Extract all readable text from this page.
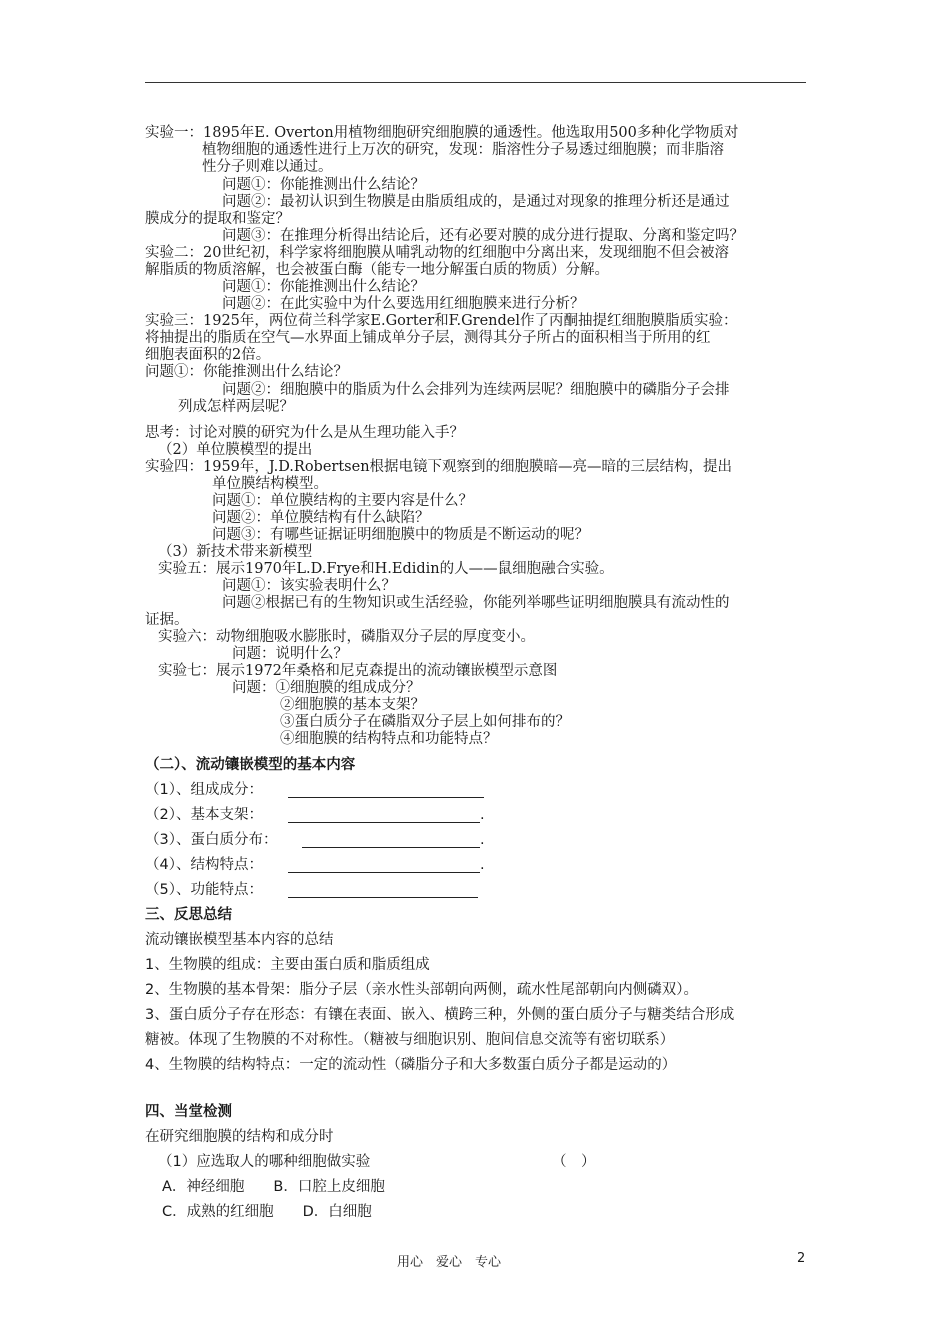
实验一：1895年E. Overton用植物细胞研究细胞膜的通透性。他选取用500多种化学物质对
植物细胞的通透性进行上万次的研究，发现：脂溶性分子易透过细胞膜；而非脂溶
性分子则难以通过。
问题①：你能推测出什么结论？
问题②：最初认识到生物膜是由脂质组成的，是通过对现象的推理分析还是通过
膜成分的提取和鉴定？
问题③：在推理分析得出结论后，还有必要对膜的成分进行提取、分离和鉴定吗？
实验二：20世纪初，科学家将细胞膜从哺乳动物的红细胞中分离出来，发现细胞不但会被溶
解脂质的物质溶解，也会被蛋白酶（能专一地分解蛋白质的物质）分解。
问题①：你能推测出什么结论？
问题②：在此实验中为什么要选用红细胞膜来进行分析？
实验三：1925年，两位荷兰科学家E.Gorter和F.Grendel作了丙酮抽提红细胞膜脂质实验：
将抽提出的脂质在空气—水界面上铺成单分子层，测得其分子所占的面积相当于所用的红
细胞表面积的2倍。
问题①：你能推测出什么结论？
问题②：细胞膜中的脂质为什么会排列为连续两层呢？细胞膜中的磷脂分子会排
列成怎样两层呢？
思考：讨论对膜的研究为什么是从生理功能入手？
（2）单位膜模型的提出
实验四：1959年，J.D.Robertsen根据电镜下观察到的细胞膜暗—亮—暗的三层结构，提出
单位膜结构模型。
问题①：单位膜结构的主要内容是什么？
问题②：单位膜结构有什么缺陷？
问题③：有哪些证据证明细胞膜中的物质是不断运动的呢？
（3）新技术带来新模型
实验五：展示1970年L.D.Frye和H.Edidin的人——鼠细胞融合实验。
问题①：该实验表明什么？
问题②根据已有的生物知识或生活经验，你能列举哪些证明细胞膜具有流动性的
证据。
实验六：动物细胞吸水膨胀时，磷脂双分子层的厚度变小。
问题：说明什么？
实验七：展示1972年桑格和尼克森提出的流动镶嵌模型示意图
问题：①细胞膜的组成成分？
②细胞膜的基本支架？
③蛋白质分子在磷脂双分子层上如何排布的？
④细胞膜的结构特点和功能特点？
（二）、流动镶嵌模型的基本内容
三、反思总结
四、当堂检测
（1）、组成成分：
（2）、基本支架：	.
（3）、蛋白质分布：	.
（4）、结构特点：	.
（5）、功能特点：
流动镶嵌模型基本内容的总结
1、生物膜的组成：主要由蛋白质和脂质组成
2、生物膜的基本骨架：脂分子层（亲水性头部朝向两侧，疏水性尾部朝向内侧磷双）。
3、蛋白质分子存在形态：有镶在表面、嵌入、横跨三种，外侧的蛋白质分子与糖类结合形成
糖被。体现了生物膜的不对称性。（糖被与细胞识别、胞间信息交流等有密切联系）
4、生物膜的结构特点：一定的流动性（磷脂分子和大多数蛋白质分子都是运动的）
在研究细胞膜的结构和成分时
（1）应选取人的哪种细胞做实验	（　）
A．神经细胞　　B．口腔上皮细胞
C．成熟的红细胞　　D．白细胞
用心　爱心　专心	2
